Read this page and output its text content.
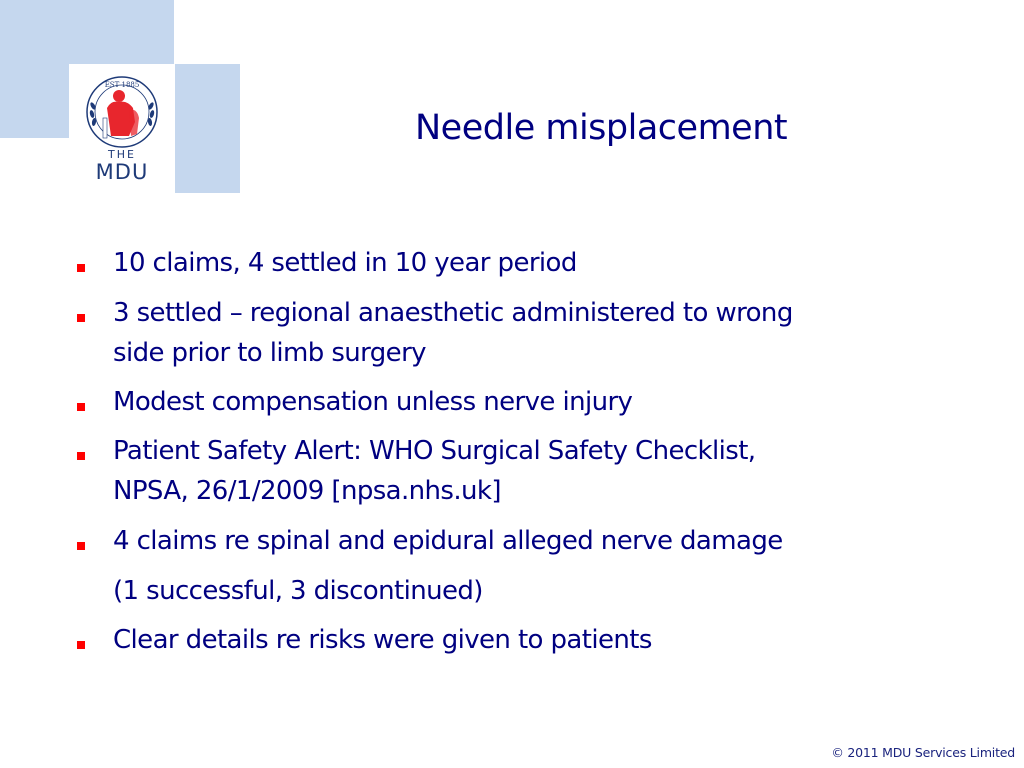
EST 1885
THE
MDU
Needle misplacement
10 claims, 4 settled in 10 year period
3 settled – regional anaesthetic administered to wrong
side prior to limb surgery
Modest compensation unless nerve injury
Patient Safety Alert: WHO Surgical Safety Checklist,
NPSA, 26/1/2009 [npsa.nhs.uk]
4 claims re spinal and epidural alleged nerve damage
(1 successful, 3 discontinued)
Clear details re risks were given to patients
© 2011 MDU Services Limited
